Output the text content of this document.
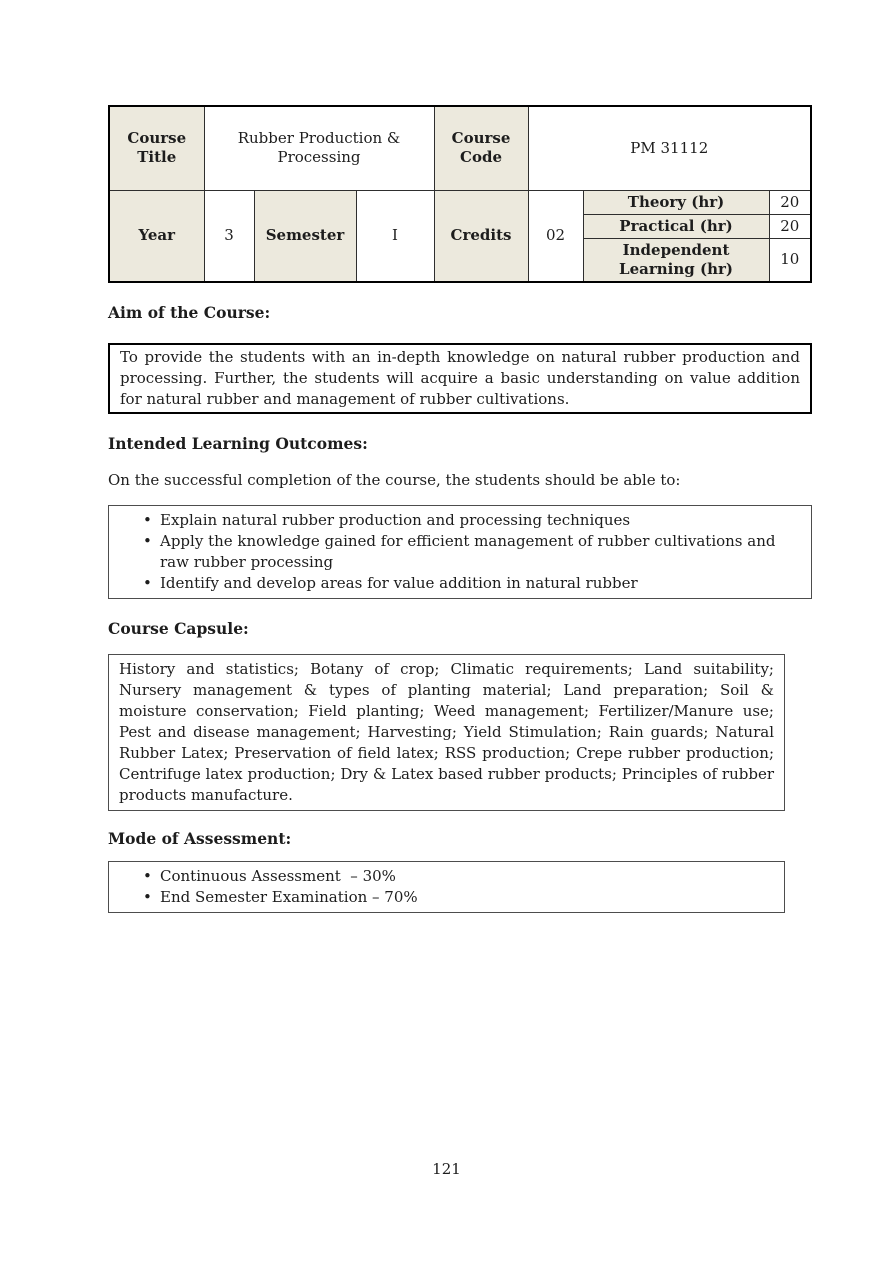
Course Title	Rubber Production & Processing			Course Code	PM 31112		
Year	3	Semester	I	Credits	02	Theory (hr)	20
						Practical (hr)	20
						Independent Learning (hr)	10

Aim of the Course:

To provide the students with an in-depth knowledge on natural rubber production and processing. Further, the students will acquire a basic understanding on value addition for natural rubber and management of rubber cultivations.

Intended Learning Outcomes:

On the successful completion of the course, the students should be able to:

• Explain natural rubber production and processing techniques
• Apply the knowledge gained for efficient management of rubber cultivations and raw rubber processing
• Identify and develop areas for value addition in natural rubber

Course Capsule:

History and statistics; Botany of crop; Climatic requirements; Land suitability; Nursery management & types of planting material; Land preparation; Soil & moisture conservation; Field planting; Weed management; Fertilizer/Manure use; Pest and disease management; Harvesting; Yield Stimulation; Rain guards; Natural Rubber Latex; Preservation of field latex; RSS production; Crepe rubber production; Centrifuge latex production; Dry & Latex based rubber products; Principles of rubber products manufacture.

Mode of Assessment:

• Continuous Assessment  – 30%
• End Semester Examination – 70%
121
